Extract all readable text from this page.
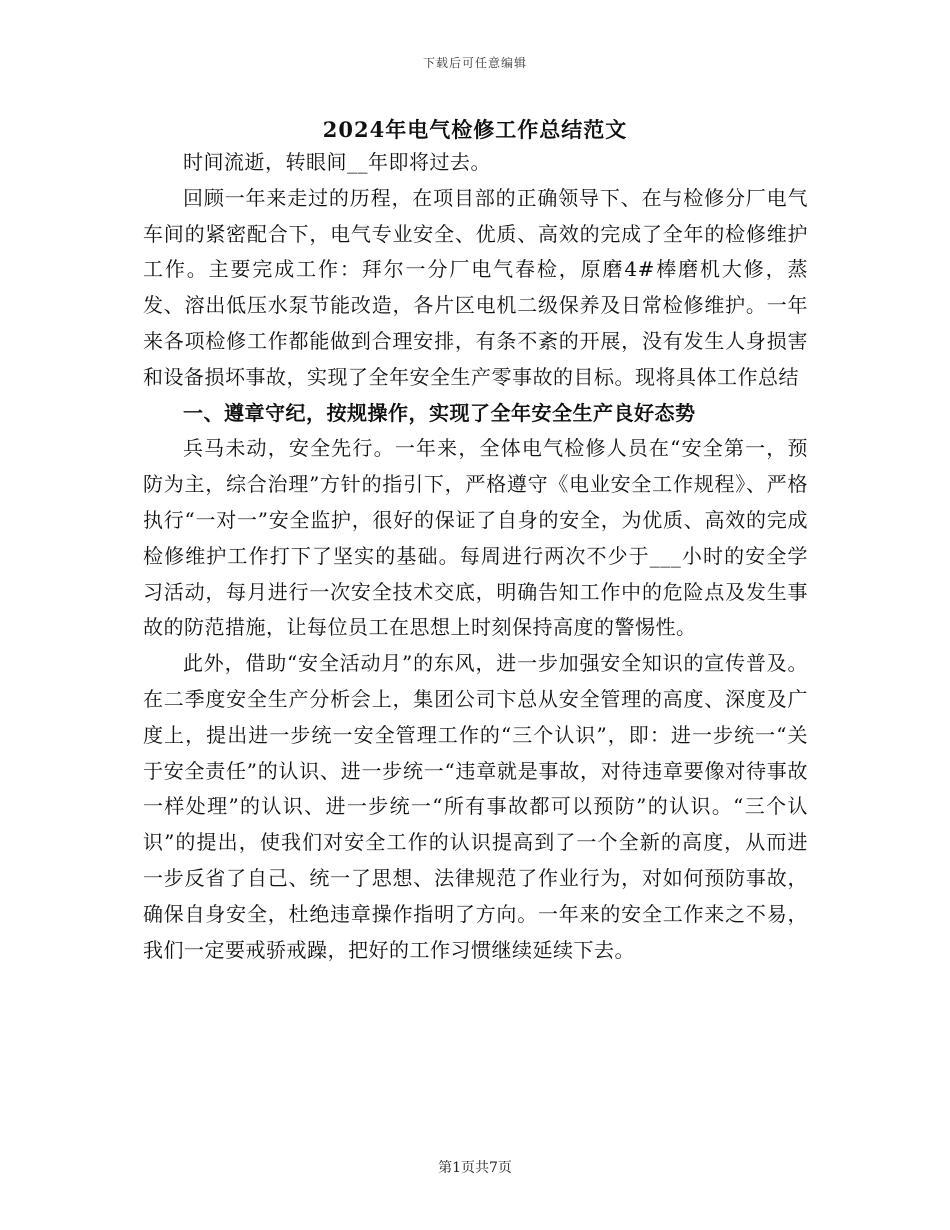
下载后可任意编辑
2024年电气检修工作总结范文

时间流逝，转眼间__年即将过去。

回顾一年来走过的历程，在项目部的正确领导下、在与检修分厂电气车间的紧密配合下，电气专业安全、优质、高效的完成了全年的检修维护工作。主要完成工作：拜尔一分厂电气春检，原磨4#棒磨机大修，蒸发、溶出低压水泵节能改造，各片区电机二级保养及日常检修维护。一年来各项检修工作都能做到合理安排，有条不紊的开展，没有发生人身损害和设备损坏事故，实现了全年安全生产零事故的目标。现将具体工作总结

一、遵章守纪，按规操作，实现了全年安全生产良好态势

兵马未动，安全先行。一年来，全体电气检修人员在“安全第一，预防为主，综合治理”方针的指引下，严格遵守《电业安全工作规程》、严格执行“一对一”安全监护，很好的保证了自身的安全，为优质、高效的完成检修维护工作打下了坚实的基础。每周进行两次不少于___小时的安全学习活动，每月进行一次安全技术交底，明确告知工作中的危险点及发生事故的防范措施，让每位员工在思想上时刻保持高度的警惕性。

此外，借助“安全活动月”的东风，进一步加强安全知识的宣传普及。在二季度安全生产分析会上，集团公司卞总从安全管理的高度、深度及广度上，提出进一步统一安全管理工作的“三个认识”，即：进一步统一“关于安全责任”的认识、进一步统一“违章就是事故，对待违章要像对待事故一样处理”的认识、进一步统一“所有事故都可以预防”的认识。“三个认识”的提出，使我们对安全工作的认识提高到了一个全新的高度，从而进一步反省了自己、统一了思想、法律规范了作业行为，对如何预防事故，确保自身安全，杜绝违章操作指明了方向。一年来的安全工作来之不易，我们一定要戒骄戒躁，把好的工作习惯继续延续下去。

第1页共7页
